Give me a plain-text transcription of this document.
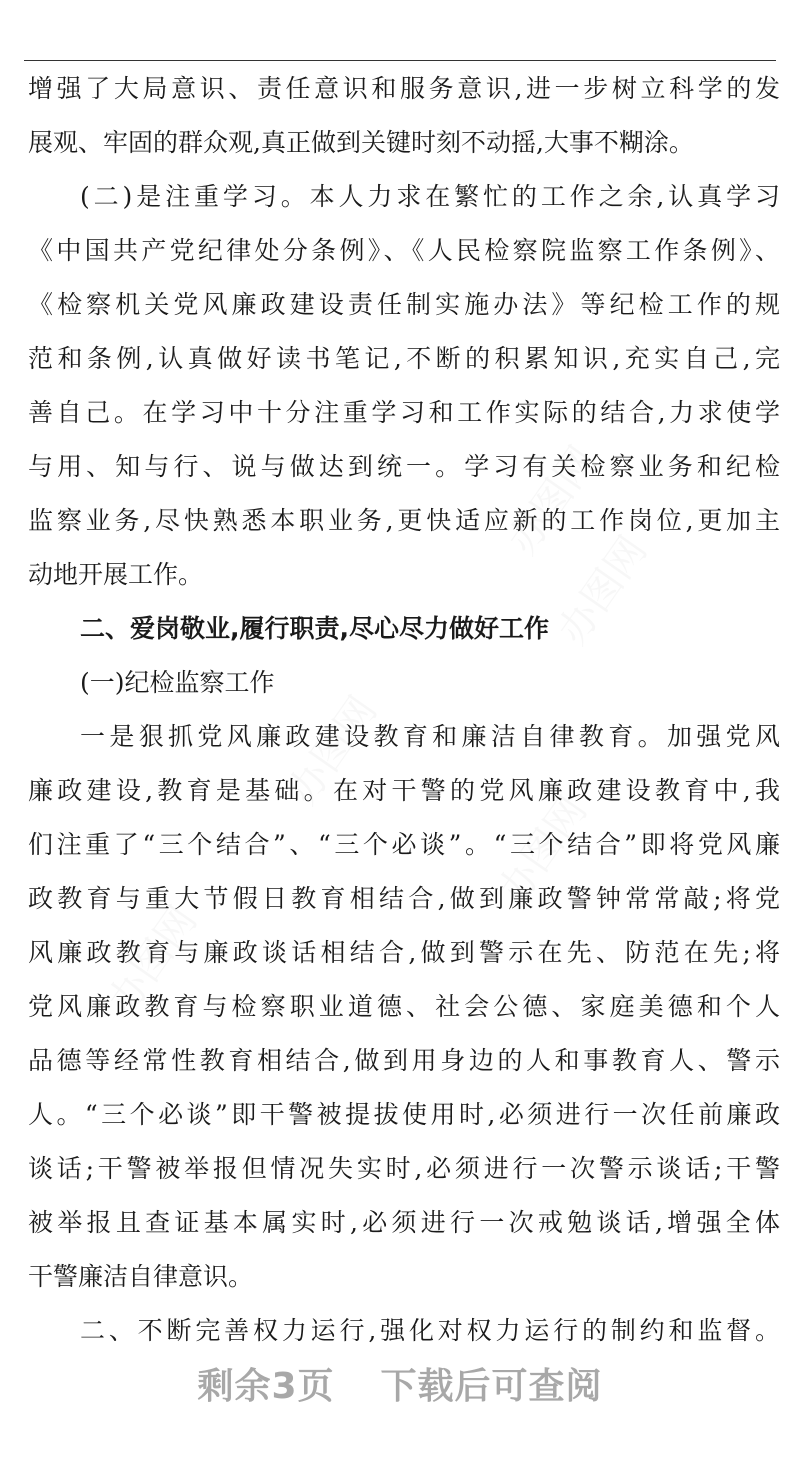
增强了大局意识、责任意识和服务意识,进一步树立科学的发
展观、牢固的群众观,真正做到关键时刻不动摇,大事不糊涂。
(二)是注重学习。本人力求在繁忙的工作之余,认真学习
《中国共产党纪律处分条例》、《人民检察院监察工作条例》、
《检察机关党风廉政建设责任制实施办法》等纪检工作的规
范和条例,认真做好读书笔记,不断的积累知识,充实自己,完
善自己。在学习中十分注重学习和工作实际的结合,力求使学
与用、知与行、说与做达到统一。学习有关检察业务和纪检
监察业务,尽快熟悉本职业务,更快适应新的工作岗位,更加主
动地开展工作。
二、爱岗敬业,履行职责,尽心尽力做好工作
(一)纪检监察工作
一是狠抓党风廉政建设教育和廉洁自律教育。加强党风
廉政建设,教育是基础。在对干警的党风廉政建设教育中,我
们注重了“三个结合”、“三个必谈”。“三个结合”即将党风廉
政教育与重大节假日教育相结合,做到廉政警钟常常敲;将党
风廉政教育与廉政谈话相结合,做到警示在先、防范在先;将
党风廉政教育与检察职业道德、社会公德、家庭美德和个人
品德等经常性教育相结合,做到用身边的人和事教育人、警示
人。“三个必谈”即干警被提拔使用时,必须进行一次任前廉政
谈话;干警被举报但情况失实时,必须进行一次警示谈话;干警
被举报且查证基本属实时,必须进行一次戒勉谈话,增强全体
干警廉洁自律意识。
二、不断完善权力运行,强化对权力运行的制约和监督。
剩余3页 下载后可查阅
办图网
办图网
办图网
办图网
办图网
